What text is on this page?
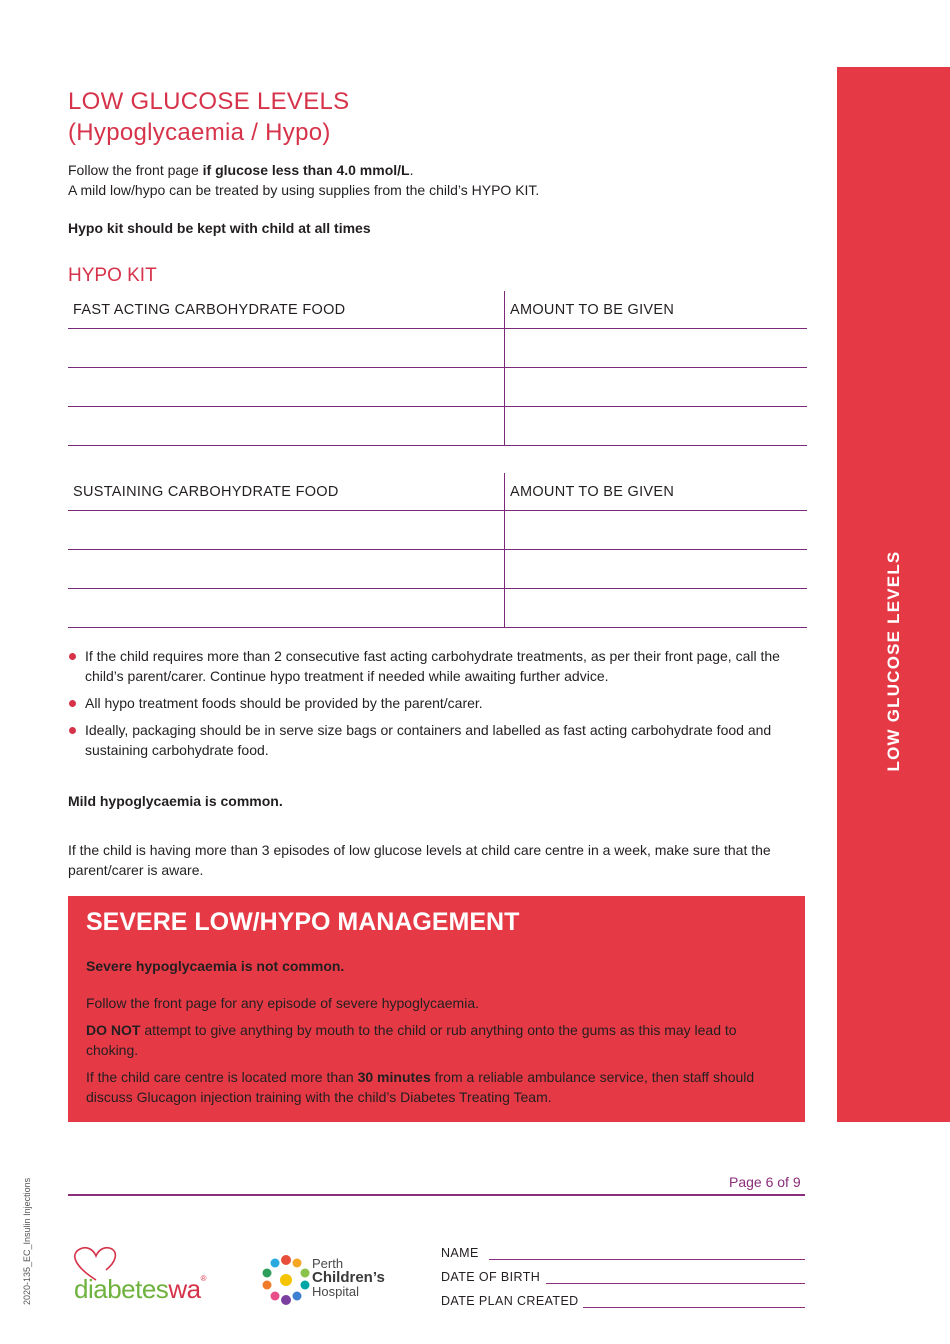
LOW GLUCOSE LEVELS
(Hypoglycaemia / Hypo)
Follow the front page if glucose less than 4.0 mmol/L.
A mild low/hypo can be treated by using supplies from the child’s HYPO KIT.
Hypo kit should be kept with child at all times
HYPO KIT
FAST ACTING CARBOHYDRATE FOOD	AMOUNT TO BE GIVEN

SUSTAINING CARBOHYDRATE FOOD	AMOUNT TO BE GIVEN

If the child requires more than 2 consecutive fast acting carbohydrate treatments, as per their front page, call the child’s parent/carer. Continue hypo treatment if needed while awaiting further advice.
All hypo treatment foods should be provided by the parent/carer.
Ideally, packaging should be in serve size bags or containers and labelled as fast acting carbohydrate food and sustaining carbohydrate food.
Mild hypoglycaemia is common.
If the child is having more than 3 episodes of low glucose levels at child care centre in a week, make sure that the parent/carer is aware.
SEVERE LOW/HYPO MANAGEMENT

Severe hypoglycaemia is not common.

Follow the front page for any episode of severe hypoglycaemia.

DO NOT attempt to give anything by mouth to the child or rub anything onto the gums as this may lead to choking.

If the child care centre is located more than 30 minutes from a reliable ambulance service, then staff should discuss Glucagon injection training with the child’s Diabetes Treating Team.

LOW GLUCOSE LEVELS
Page 6 of 9
2020-135_EC_Insulin Injections diabeteswa®
Perth
Children’s
Hospital
NAME
DATE OF BIRTH
DATE PLAN CREATED
